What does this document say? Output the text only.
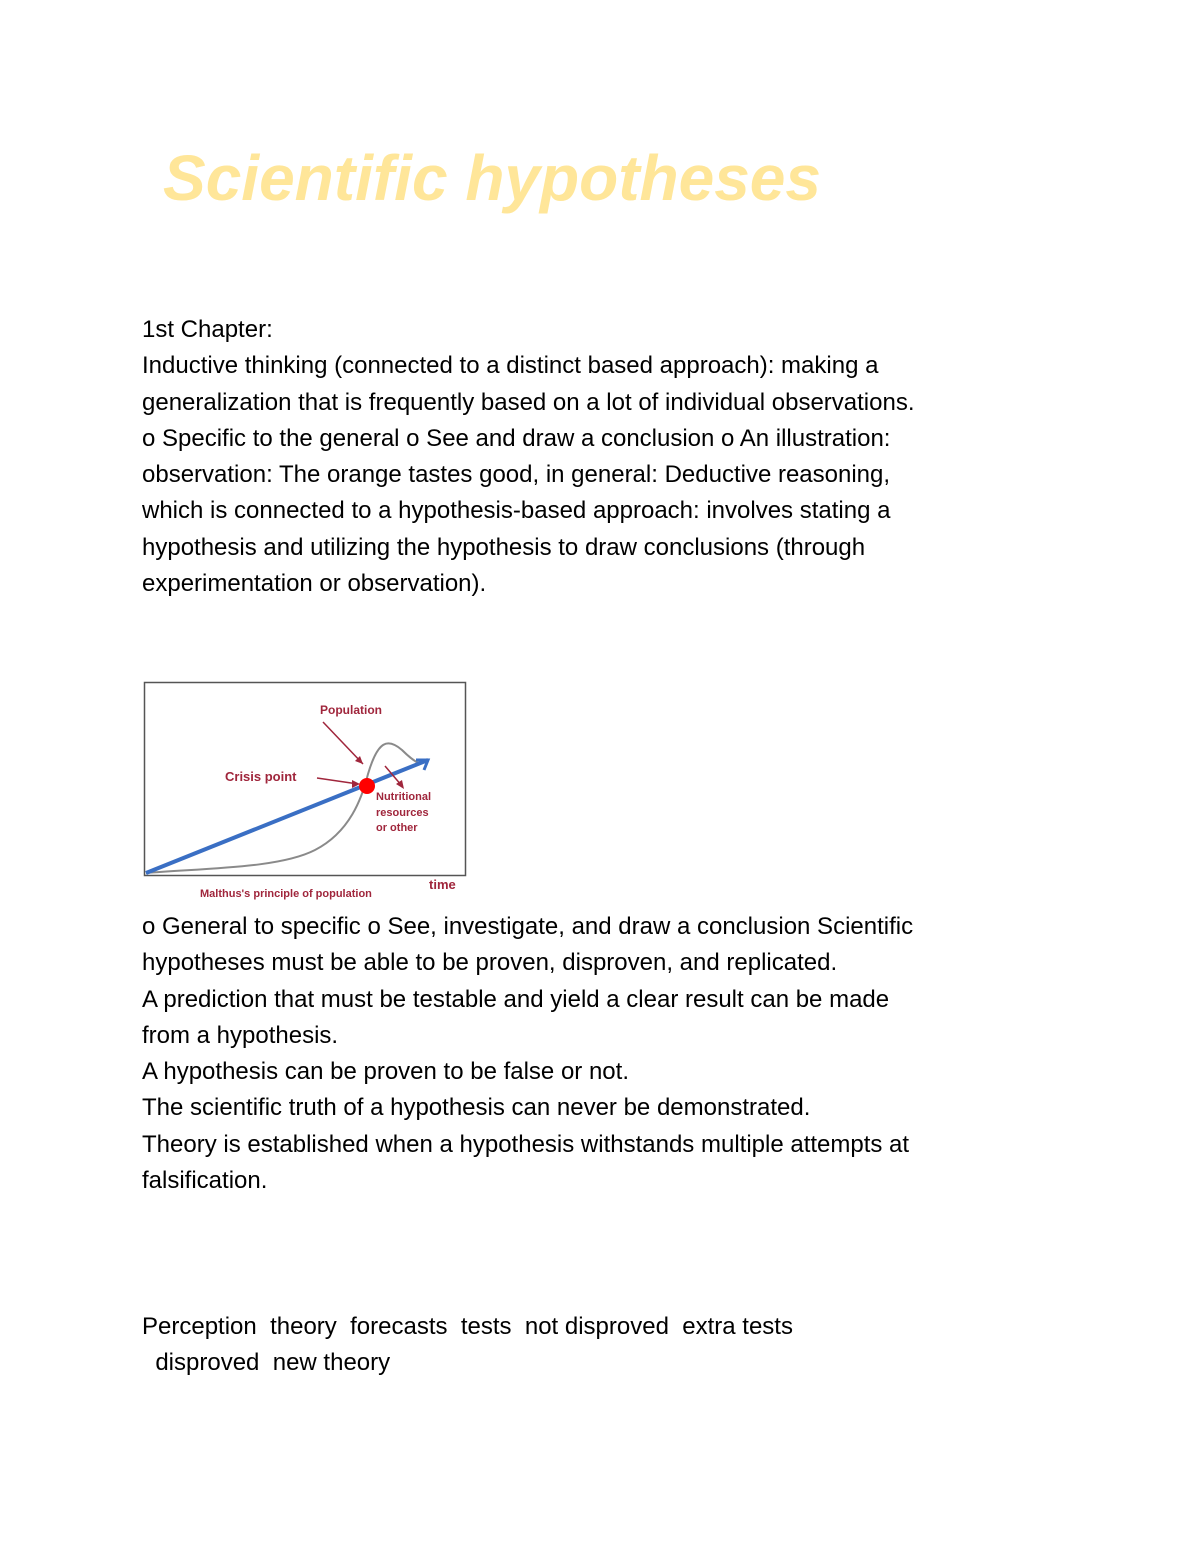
Scientific hypotheses

1st Chapter:
Inductive thinking (connected to a distinct based approach): making a
generalization that is frequently based on a lot of individual observations.
o Specific to the general o See and draw a conclusion o An illustration:
observation: The orange tastes good, in general: Deductive reasoning,
which is connected to a hypothesis-based approach: involves stating a
hypothesis and utilizing the hypothesis to draw conclusions (through
experimentation or observation).

Population
Crisis point
Nutritional
resources
or other
Malthus's principle of population
time

o General to specific o See, investigate, and draw a conclusion Scientific
hypotheses must be able to be proven, disproven, and replicated.
A prediction that must be testable and yield a clear result can be made
from a hypothesis.
A hypothesis can be proven to be false or not.
The scientific truth of a hypothesis can never be demonstrated.
Theory is established when a hypothesis withstands multiple attempts at
falsification.

Perception  theory  forecasts  tests  not disproved  extra tests
disproved  new theory
